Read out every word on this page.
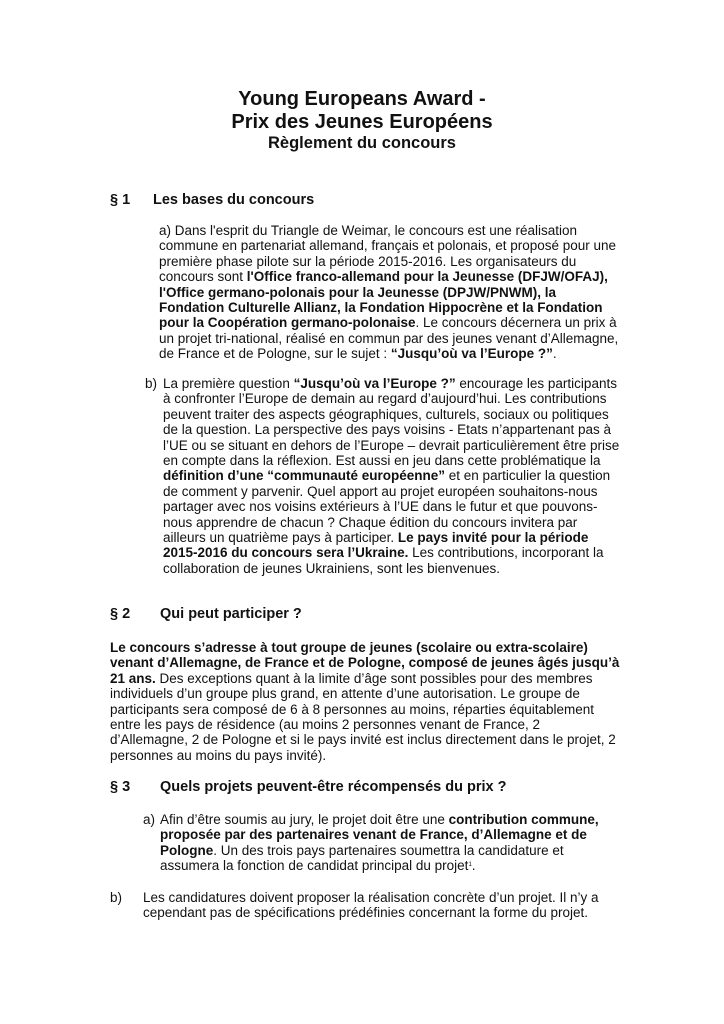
Young Europeans Award -
Prix des Jeunes Européens
Règlement du concours
§ 1 Les bases du concours
a) Dans l'esprit du Triangle de Weimar, le concours est une réalisation
commune en partenariat allemand, français et polonais, et proposé pour une
première phase pilote sur la période 2015-2016. Les organisateurs du
concours sont l'Office franco-allemand pour la Jeunesse (DFJW/OFAJ),
l'Office germano-polonais pour la Jeunesse (DPJW/PNWM), la
Fondation Culturelle Allianz, la Fondation Hippocrène et la Fondation
pour la Coopération germano-polonaise. Le concours décernera un prix à
un projet tri-national, réalisé en commun par des jeunes venant d’Allemagne,
de France et de Pologne, sur le sujet : “Jusqu’où va l’Europe ?”.
b) La première question “Jusqu’où va l’Europe ?” encourage les participants
à confronter l’Europe de demain au regard d’aujourd’hui. Les contributions
peuvent traiter des aspects géographiques, culturels, sociaux ou politiques
de la question. La perspective des pays voisins - Etats n’appartenant pas à
l’UE ou se situant en dehors de l’Europe – devrait particulièrement être prise
en compte dans la réflexion. Est aussi en jeu dans cette problématique la
définition d’une “communauté européenne” et en particulier la question
de comment y parvenir. Quel apport au projet européen souhaitons-nous
partager avec nos voisins extérieurs à l’UE dans le futur et que pouvons-
nous apprendre de chacun ? Chaque édition du concours invitera par
ailleurs un quatrième pays à participer. Le pays invité pour la période
2015-2016 du concours sera l’Ukraine. Les contributions, incorporant la
collaboration de jeunes Ukrainiens, sont les bienvenues.
§ 2 Qui peut participer ?
Le concours s’adresse à tout groupe de jeunes (scolaire ou extra-scolaire)
venant d’Allemagne, de France et de Pologne, composé de jeunes âgés jusqu’à
21 ans. Des exceptions quant à la limite d’âge sont possibles pour des membres
individuels d’un groupe plus grand, en attente d’une autorisation. Le groupe de
participants sera composé de 6 à 8 personnes au moins, réparties équitablement
entre les pays de résidence (au moins 2 personnes venant de France, 2
d’Allemagne, 2 de Pologne et si le pays invité est inclus directement dans le projet, 2
personnes au moins du pays invité).
§ 3 Quels projets peuvent-être récompensés du prix ?
a) Afin d’être soumis au jury, le projet doit être une contribution commune,
proposée par des partenaires venant de France, d’Allemagne et de
Pologne. Un des trois pays partenaires soumettra la candidature et
assumera la fonction de candidat principal du projet$^1$.
b) Les candidatures doivent proposer la réalisation concrète d’un projet. Il n’y a
cependant pas de spécifications prédéfinies concernant la forme du projet.
